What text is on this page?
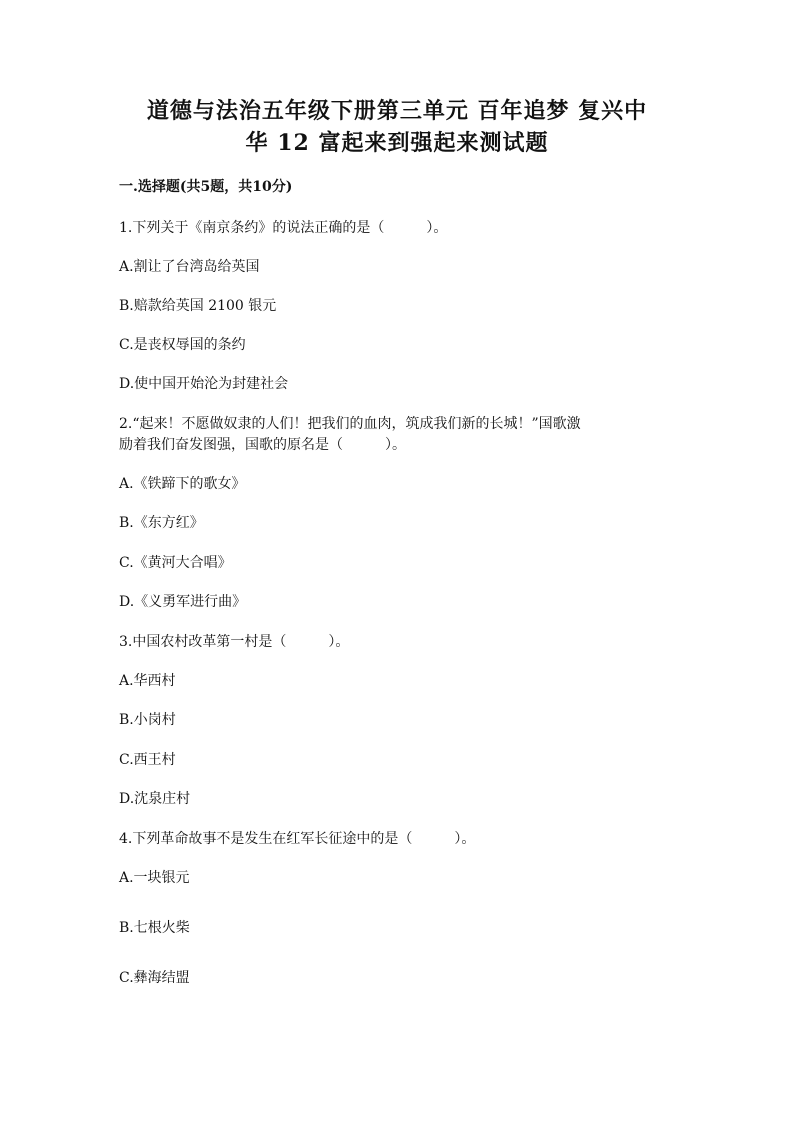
道德与法治五年级下册第三单元 百年追梦 复兴中
华 12 富起来到强起来测试题
一.选择题(共5题，共10分)
1.下列关于《南京条约》的说法正确的是（　　　）。
A.割让了台湾岛给英国
B.赔款给英国 2100 银元
C.是丧权辱国的条约
D.使中国开始沦为封建社会
2.“起来！不愿做奴隶的人们！把我们的血肉，筑成我们新的长城！”国歌激
励着我们奋发图强，国歌的原名是（　　　）。
A.《铁蹄下的歌女》
B.《东方红》
C.《黄河大合唱》
D.《义勇军进行曲》
3.中国农村改革第一村是（　　　）。
A.华西村
B.小岗村
C.西王村
D.沈泉庄村
4.下列革命故事不是发生在红军长征途中的是（　　　）。
A.一块银元
B.七根火柴
C.彝海结盟
